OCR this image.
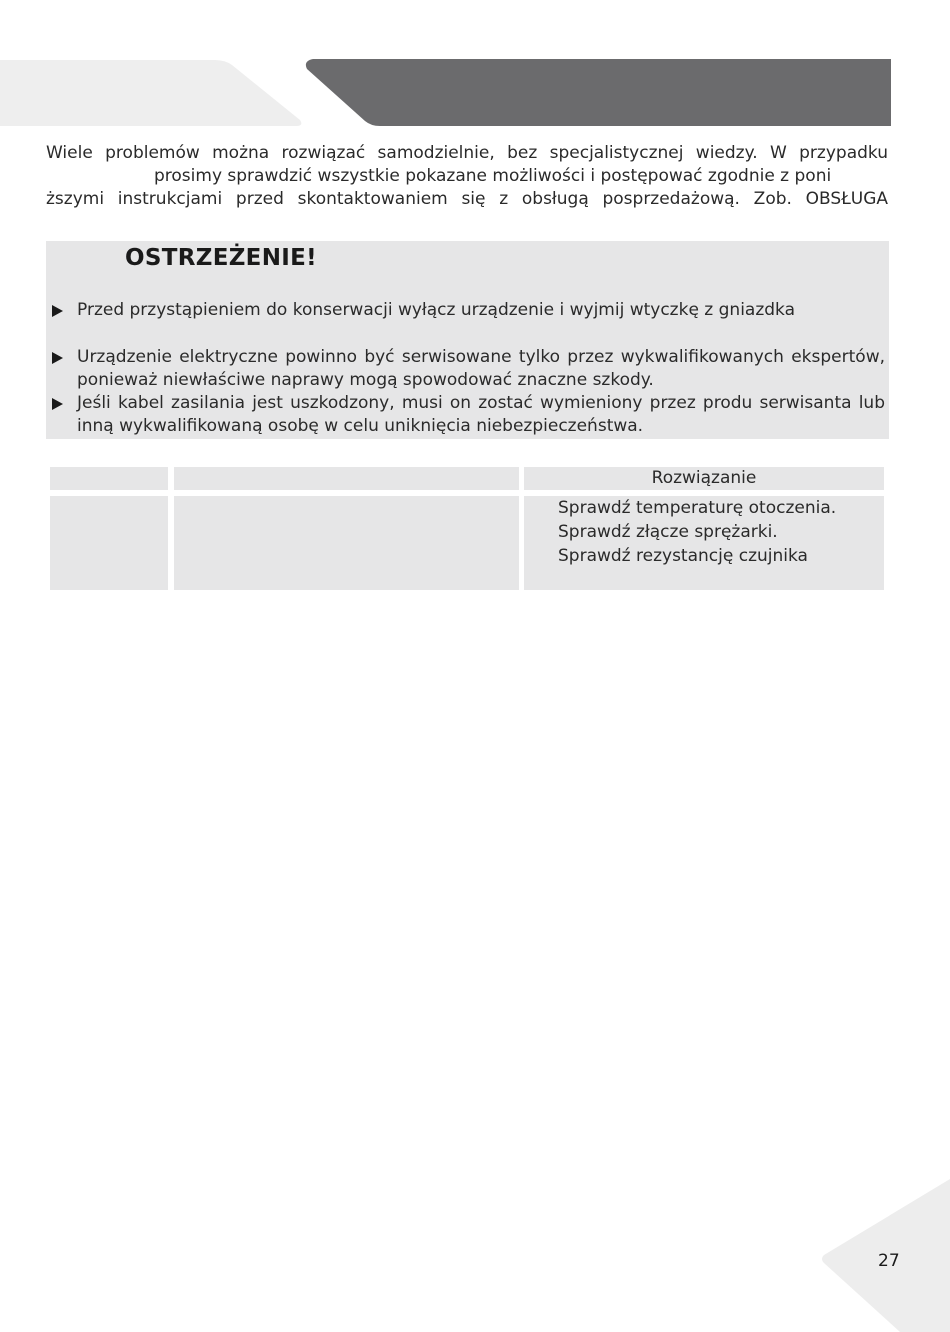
Wiele problemów można rozwiązać samodzielnie, bez specjalistycznej wiedzy. W przypadku
prosimy sprawdzić wszystkie pokazane możliwości i postępować zgodnie z poni
ższymi instrukcjami przed skontaktowaniem się z obsługą posprzedażową. Zob. OBSŁUGA
OSTRZEŻENIE!
Przed przystąpieniem do konserwacji wyłącz urządzenie i wyjmij wtyczkę z gniazdka
Urządzenie elektryczne powinno być serwisowane tylko przez wykwalifikowanych ekspertów, ponieważ niewłaściwe naprawy mogą spowodować znaczne szkody.
Jeśli kabel zasilania jest uszkodzony, musi on zostać wymieniony przez produ serwisanta lub inną wykwalifikowaną osobę w celu uniknięcia niebezpieczeństwa.
Rozwiązanie
Sprawdź temperaturę otoczenia.
Sprawdź złącze sprężarki.
Sprawdź rezystancję czujnika
27
